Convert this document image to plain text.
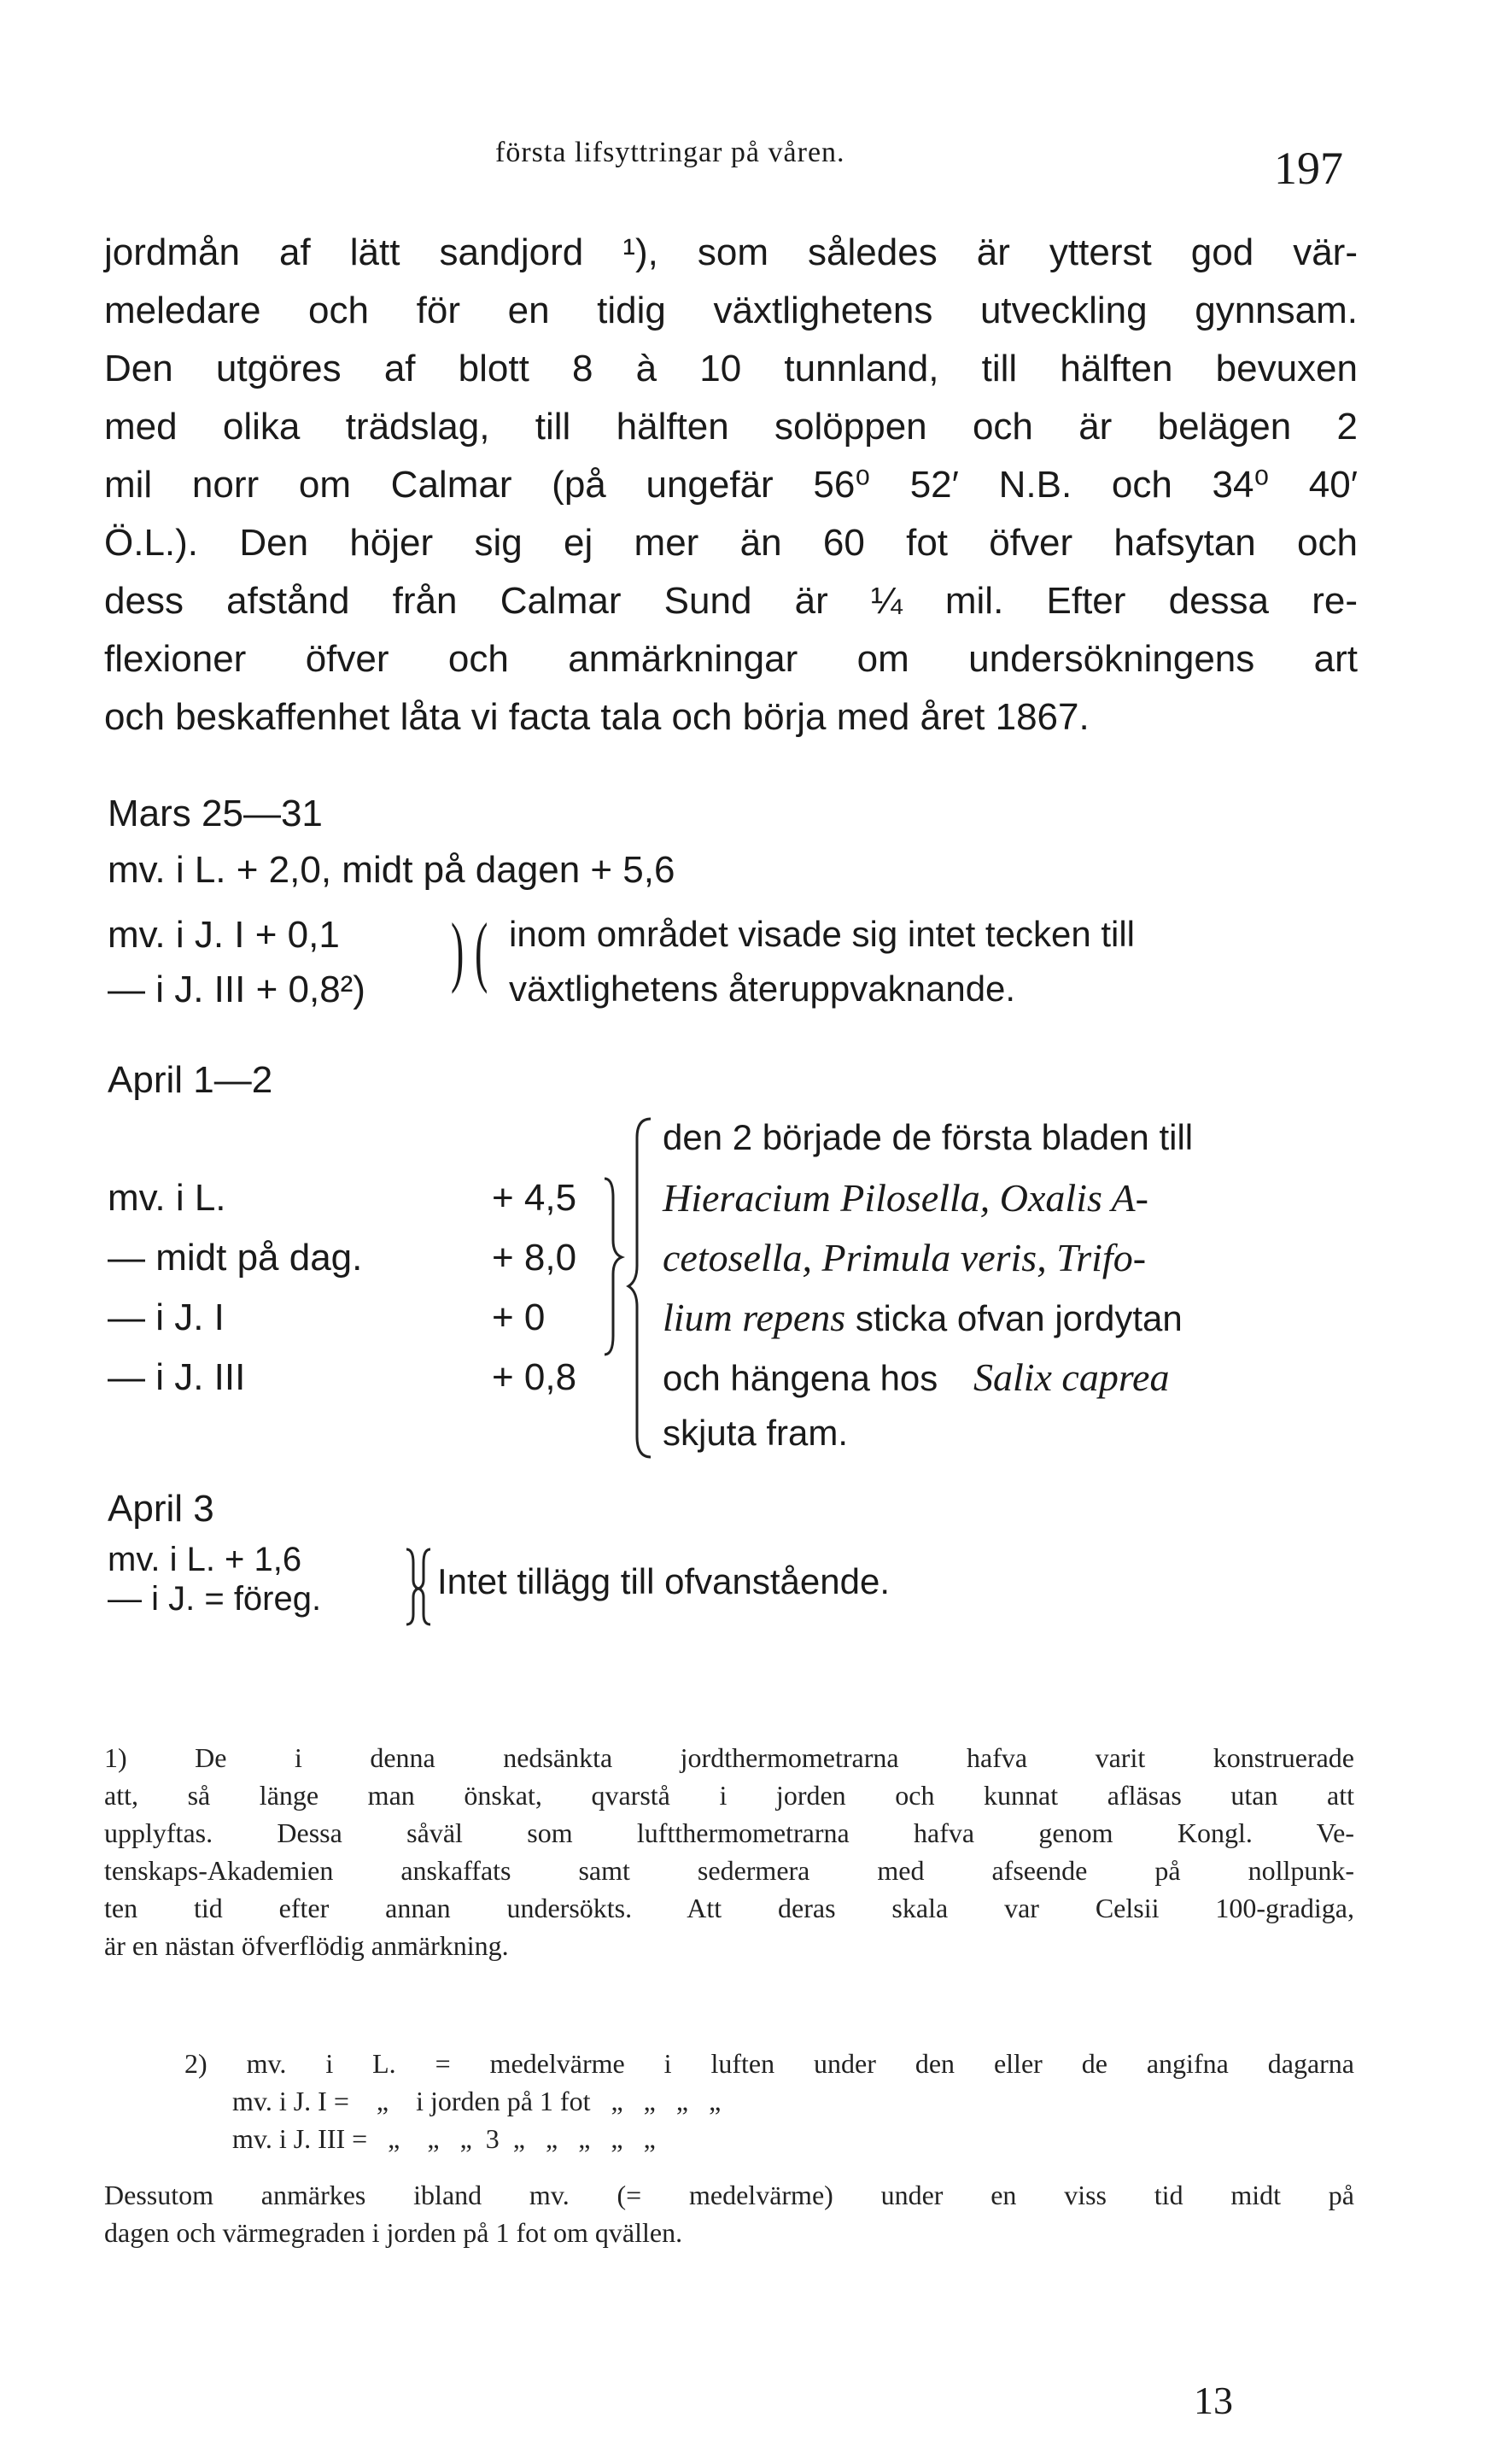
första lifsyttringar på våren.	197
jordmån af lätt sandjord ¹), som således är ytterst god vär-
meledare och för en tidig växtlighetens utveckling gynnsam.
Den utgöres af blott 8 à 10 tunnland, till hälften bevuxen
med olika trädslag, till hälften solöppen och är belägen 2
mil norr om Calmar (på ungefär 56⁰ 52′ N.B. och 34⁰ 40′
Ö.L.). Den höjer sig ej mer än 60 fot öfver hafsytan och
dess afstånd från Calmar Sund är ¼ mil. Efter dessa re-
flexioner öfver och anmärkningar om undersökningens art
och beskaffenhet låta vi facta tala och börja med året 1867.
Mars 25—31
mv. i L. + 2,0, midt på dagen + 5,6
mv. i J. I + 0,1
— i J. III + 0,8²) ) ( inom området visade sig intet tecken till
växtlighetens återuppvaknande.
April 1—2
mv. i L.	+ 4,5
— midt på dag.	+ 8,0
— i J. I	+ 0
— i J. III	+ 0,8
den 2 började de första bladen till
Hieracium Pilosella, Oxalis A-
cetosella, Primula veris, Trifo-
lium repens sticka ofvan jordytan
och hängena hos Salix caprea
skjuta fram.
April 3
mv. i L. + 1,6
— i J. = föreg.	Intet tillägg till ofvanstående.
1) De i denna nedsänkta jordthermometrarna hafva varit konstruerade
att, så länge man önskat, qvarstå i jorden och kunnat afläsas utan att
upplyftas. Dessa såväl som luftthermometrarna hafva genom Kongl. Ve-
tenskaps-Akademien anskaffats samt sedermera med afseende på nollpunk-
ten tid efter annan undersökts. Att deras skala var Celsii 100-gradiga,
är en nästan öfverflödig anmärkning.
2) mv. i L. = medelvärme i luften under den eller de angifna dagarna
mv. i J. I =    „    i jorden på 1 fot   „   „   „   „
mv. i J. III =   „    „   „  3  „   „   „   „   „
Dessutom anmärkes ibland mv. (= medelvärme) under en viss tid midt på
dagen och värmegraden i jorden på 1 fot om qvällen.
13
